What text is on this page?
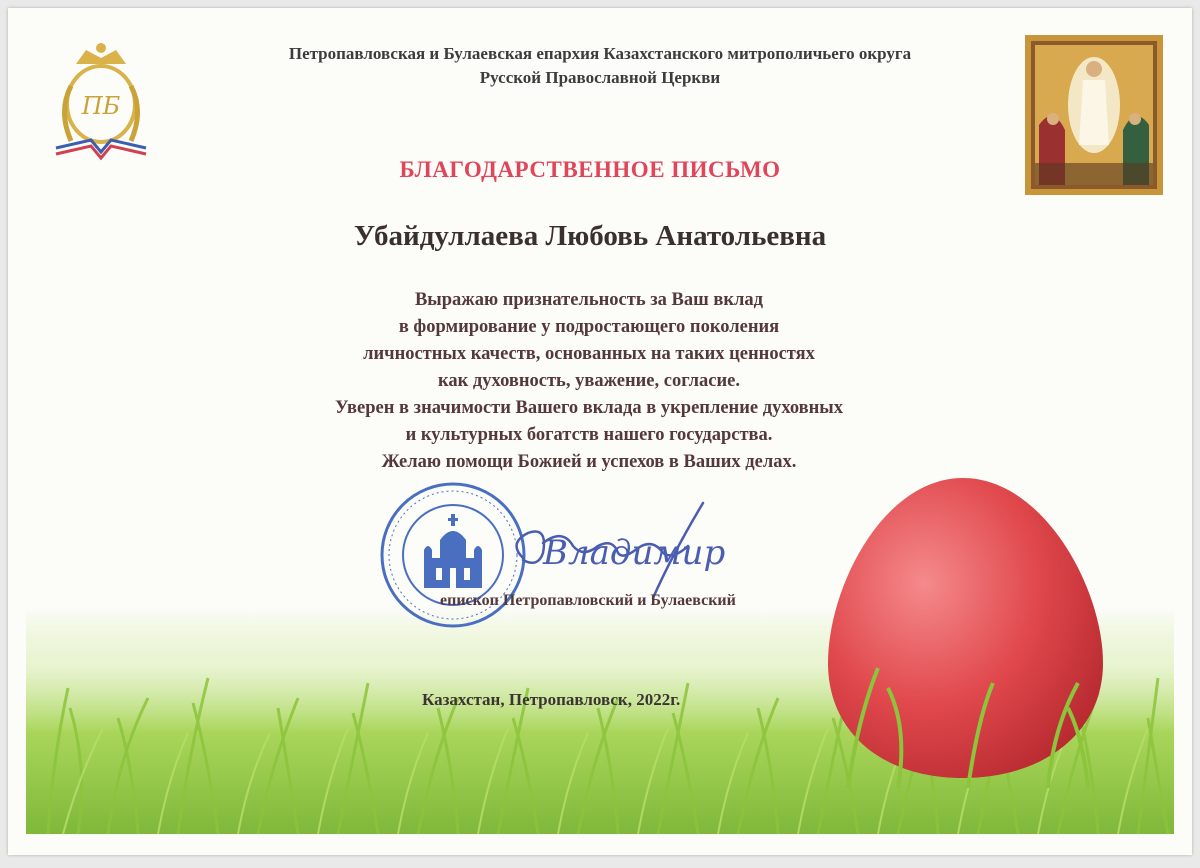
ПБ
Петропавловская и Булаевская епархия Казахстанского митрополичьего округа
Русской Православной Церкви
БЛАГОДАРСТВЕННОЕ ПИСЬМО
Убайдуллаева Любовь Анатольевна
Выражаю признательность за Ваш вклад
в формирование у подростающего поколения
личностных качеств, основанных на таких ценностях
как духовность, уважение, согласие.
Уверен в значимости Вашего вклада в укрепление духовных
и культурных богатств нашего государства.
Желаю помощи Божией и успехов в Ваших делах.
Владимир
епископ Петропавловский и Булаевский
Казахстан, Петропавловск, 2022г.
